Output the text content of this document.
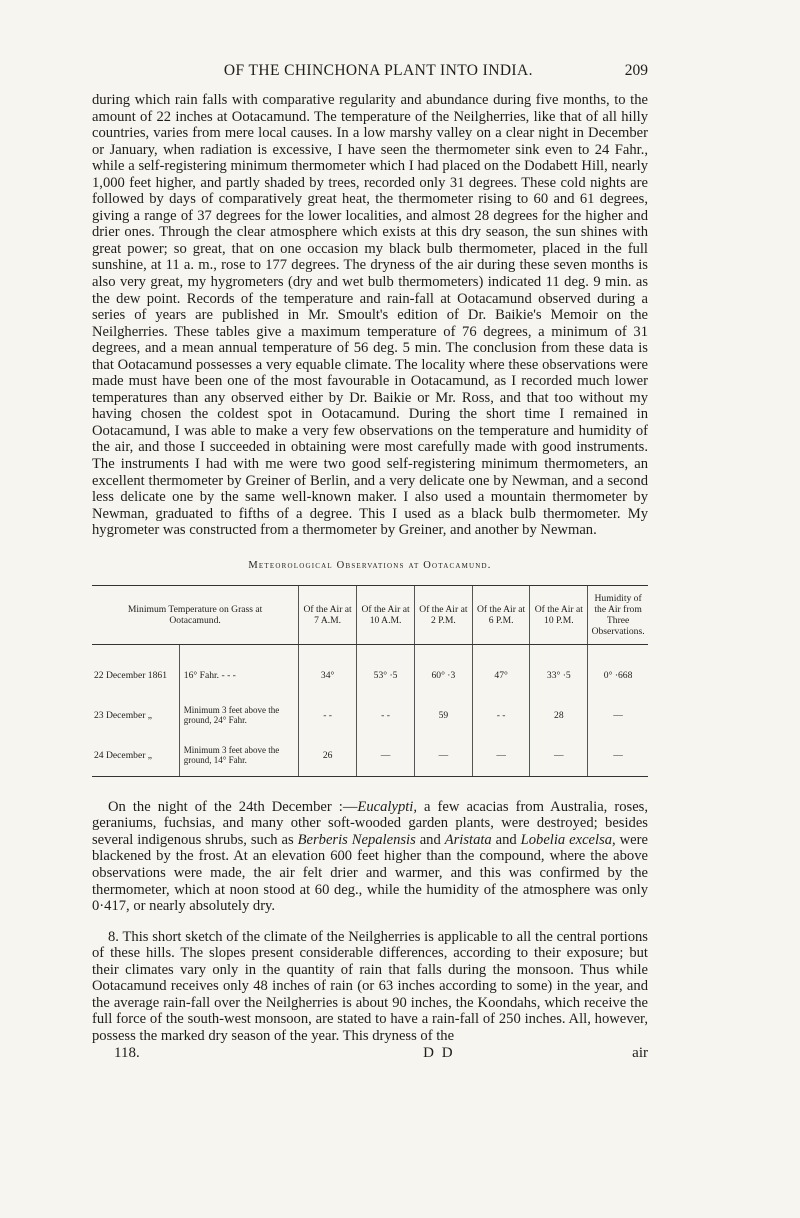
OF THE CHINCHONA PLANT INTO INDIA.	209

during which rain falls with comparative regularity and abundance during five months, to the amount of 22 inches at Ootacamund. The temperature of the Neilgherries, like that of all hilly countries, varies from mere local causes. In a low marshy valley on a clear night in December or January, when radiation is excessive, I have seen the thermometer sink even to 24 Fahr., while a self-registering minimum thermometer which I had placed on the Dodabett Hill, nearly 1,000 feet higher, and partly shaded by trees, recorded only 31 degrees. These cold nights are followed by days of comparatively great heat, the thermometer rising to 60 and 61 degrees, giving a range of 37 degrees for the lower localities, and almost 28 degrees for the higher and drier ones. Through the clear atmosphere which exists at this dry season, the sun shines with great power; so great, that on one occasion my black bulb thermometer, placed in the full sunshine, at 11 a. m., rose to 177 degrees. The dryness of the air during these seven months is also very great, my hygrometers (dry and wet bulb thermometers) indicated 11 deg. 9 min. as the dew point. Records of the temperature and rain-fall at Ootacamund observed during a series of years are published in Mr. Smoult's edition of Dr. Baikie's Memoir on the Neilgherries. These tables give a maximum temperature of 76 degrees, a minimum of 31 degrees, and a mean annual temperature of 56 deg. 5 min. The conclusion from these data is that Ootacamund possesses a very equable climate. The locality where these observations were made must have been one of the most favourable in Ootacamund, as I recorded much lower temperatures than any observed either by Dr. Baikie or Mr. Ross, and that too without my having chosen the coldest spot in Ootacamund. During the short time I remained in Ootacamund, I was able to make a very few observations on the temperature and humidity of the air, and those I succeeded in obtaining were most carefully made with good instruments. The instruments I had with me were two good self-registering minimum thermometers, an excellent thermometer by Greiner of Berlin, and a very delicate one by Newman, and a second less delicate one by the same well-known maker. I also used a mountain thermometer by Newman, graduated to fifths of a degree. This I used as a black bulb thermometer. My hygrometer was constructed from a thermometer by Greiner, and another by Newman.

Meteorological Observations at Ootacamund.
Minimum Temperature on Grass at Ootacamund.		Of the Air at 7 A.M.	Of the Air at 10 A.M.	Of the Air at 2 P.M.	Of the Air at 6 P.M.	Of the Air at 10 P.M.	Humidity of the Air from Three Observations.
22 December 1861	16° Fahr. - - -	34°	53° ·5	60° ·3	47°	33° ·5	0° ·668
23 December „	Minimum 3 feet above the ground, 24° Fahr.	- -	- -	59	- -	28	—
24 December „	Minimum 3 feet above the ground, 14° Fahr.	26	—	—	—	—	—

On the night of the 24th December :—Eucalypti, a few acacias from Australia, roses, geraniums, fuchsias, and many other soft-wooded garden plants, were destroyed; besides several indigenous shrubs, such as Berberis Nepalensis and Aristata and Lobelia excelsa, were blackened by the frost. At an elevation 600 feet higher than the compound, where the above observations were made, the air felt drier and warmer, and this was confirmed by the thermometer, which at noon stood at 60 deg., while the humidity of the atmosphere was only 0·417, or nearly absolutely dry.

8. This short sketch of the climate of the Neilgherries is applicable to all the central portions of these hills. The slopes present considerable differences, according to their exposure; but their climates vary only in the quantity of rain that falls during the monsoon. Thus while Ootacamund receives only 48 inches of rain (or 63 inches according to some) in the year, and the average rain-fall over the Neilgherries is about 90 inches, the Koondahs, which receive the full force of the south-west monsoon, are stated to have a rain-fall of 250 inches. All, however, possess the marked dry season of the year. This dryness of the

118.	D D	air
